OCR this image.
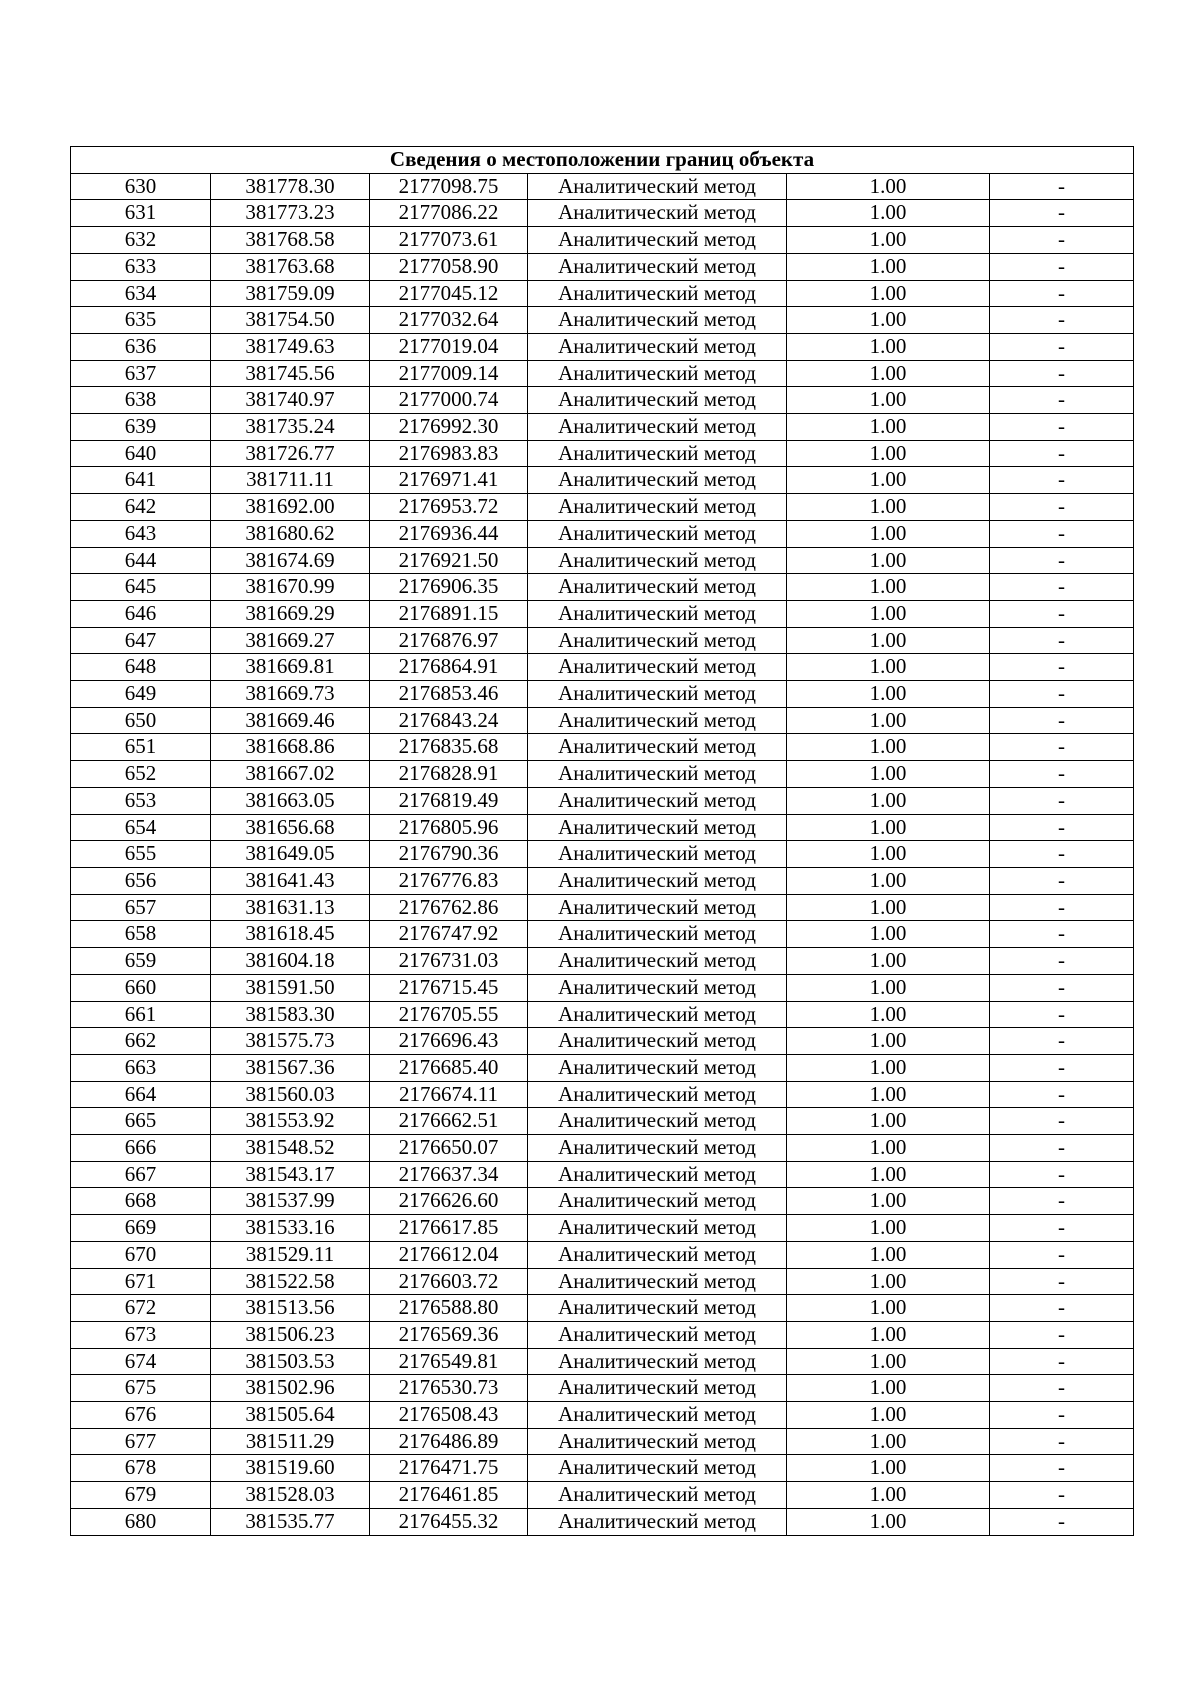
Сведения о местоположении границ объекта					
630	381778.30	2177098.75	Аналитический метод	1.00	-
631	381773.23	2177086.22	Аналитический метод	1.00	-
632	381768.58	2177073.61	Аналитический метод	1.00	-
633	381763.68	2177058.90	Аналитический метод	1.00	-
634	381759.09	2177045.12	Аналитический метод	1.00	-
635	381754.50	2177032.64	Аналитический метод	1.00	-
636	381749.63	2177019.04	Аналитический метод	1.00	-
637	381745.56	2177009.14	Аналитический метод	1.00	-
638	381740.97	2177000.74	Аналитический метод	1.00	-
639	381735.24	2176992.30	Аналитический метод	1.00	-
640	381726.77	2176983.83	Аналитический метод	1.00	-
641	381711.11	2176971.41	Аналитический метод	1.00	-
642	381692.00	2176953.72	Аналитический метод	1.00	-
643	381680.62	2176936.44	Аналитический метод	1.00	-
644	381674.69	2176921.50	Аналитический метод	1.00	-
645	381670.99	2176906.35	Аналитический метод	1.00	-
646	381669.29	2176891.15	Аналитический метод	1.00	-
647	381669.27	2176876.97	Аналитический метод	1.00	-
648	381669.81	2176864.91	Аналитический метод	1.00	-
649	381669.73	2176853.46	Аналитический метод	1.00	-
650	381669.46	2176843.24	Аналитический метод	1.00	-
651	381668.86	2176835.68	Аналитический метод	1.00	-
652	381667.02	2176828.91	Аналитический метод	1.00	-
653	381663.05	2176819.49	Аналитический метод	1.00	-
654	381656.68	2176805.96	Аналитический метод	1.00	-
655	381649.05	2176790.36	Аналитический метод	1.00	-
656	381641.43	2176776.83	Аналитический метод	1.00	-
657	381631.13	2176762.86	Аналитический метод	1.00	-
658	381618.45	2176747.92	Аналитический метод	1.00	-
659	381604.18	2176731.03	Аналитический метод	1.00	-
660	381591.50	2176715.45	Аналитический метод	1.00	-
661	381583.30	2176705.55	Аналитический метод	1.00	-
662	381575.73	2176696.43	Аналитический метод	1.00	-
663	381567.36	2176685.40	Аналитический метод	1.00	-
664	381560.03	2176674.11	Аналитический метод	1.00	-
665	381553.92	2176662.51	Аналитический метод	1.00	-
666	381548.52	2176650.07	Аналитический метод	1.00	-
667	381543.17	2176637.34	Аналитический метод	1.00	-
668	381537.99	2176626.60	Аналитический метод	1.00	-
669	381533.16	2176617.85	Аналитический метод	1.00	-
670	381529.11	2176612.04	Аналитический метод	1.00	-
671	381522.58	2176603.72	Аналитический метод	1.00	-
672	381513.56	2176588.80	Аналитический метод	1.00	-
673	381506.23	2176569.36	Аналитический метод	1.00	-
674	381503.53	2176549.81	Аналитический метод	1.00	-
675	381502.96	2176530.73	Аналитический метод	1.00	-
676	381505.64	2176508.43	Аналитический метод	1.00	-
677	381511.29	2176486.89	Аналитический метод	1.00	-
678	381519.60	2176471.75	Аналитический метод	1.00	-
679	381528.03	2176461.85	Аналитический метод	1.00	-
680	381535.77	2176455.32	Аналитический метод	1.00	-
